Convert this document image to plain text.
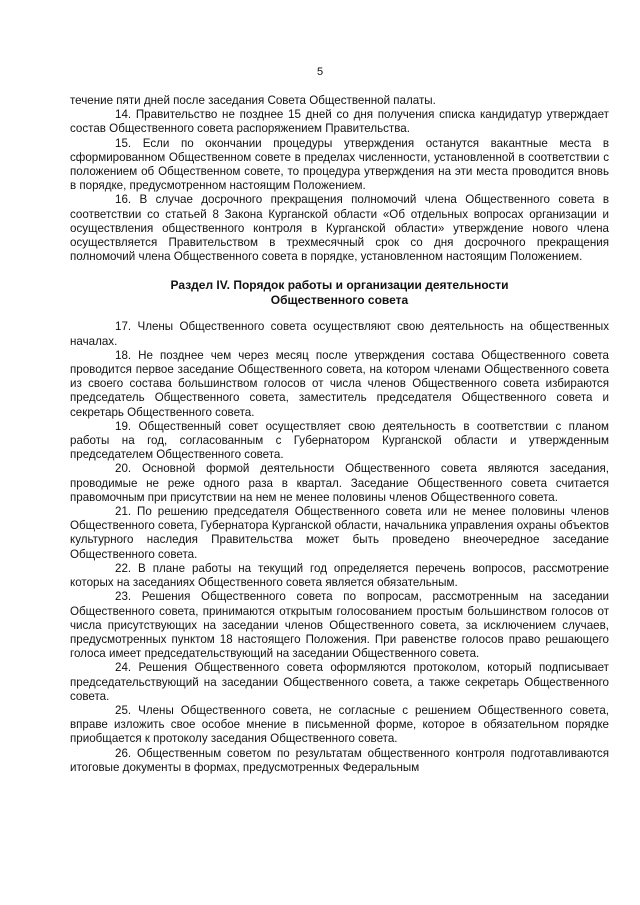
5

течение пяти дней после заседания Совета Общественной палаты.

14. Правительство не позднее 15 дней со дня получения списка кандидатур утверждает состав Общественного совета распоряжением Правительства.

15. Если по окончании процедуры утверждения останутся вакантные места в сформированном Общественном совете в пределах численности, установленной в соответствии с положением об Общественном совете, то процедура утверждения на эти места проводится вновь в порядке, предусмотренном настоящим Положением.

16. В случае досрочного прекращения полномочий члена Общественного совета в соответствии со статьей 8 Закона Курганской области «Об отдельных вопросах организации и осуществления общественного контроля в Курганской области» утверждение нового члена осуществляется Правительством в трехмесячный срок со дня досрочного прекращения полномочий члена Общественного совета в порядке, установленном настоящим Положением.

Раздел IV. Порядок работы и организации деятельности
Общественного совета

17. Члены Общественного совета осуществляют свою деятельность на общественных началах.

18. Не позднее чем через месяц после утверждения состава Общественного совета проводится первое заседание Общественного совета, на котором членами Общественного совета из своего состава большинством голосов от числа членов Общественного совета избираются председатель Общественного совета, заместитель председателя Общественного совета и секретарь Общественного совета.

19. Общественный совет осуществляет свою деятельность в соответствии с планом работы на год, согласованным с Губернатором Курганской области и утвержденным председателем Общественного совета.

20. Основной формой деятельности Общественного совета являются заседания, проводимые не реже одного раза в квартал. Заседание Общественного совета считается правомочным при присутствии на нем не менее половины членов Общественного совета.

21. По решению председателя Общественного совета или не менее половины членов Общественного совета, Губернатора Курганской области, начальника управления охраны объектов культурного наследия Правительства может быть проведено внеочередное заседание Общественного совета.

22. В плане работы на текущий год определяется перечень вопросов, рассмотрение которых на заседаниях Общественного совета является обязательным.

23. Решения Общественного совета по вопросам, рассмотренным на заседании Общественного совета, принимаются открытым голосованием простым большинством голосов от числа присутствующих на заседании членов Общественного совета, за исключением случаев, предусмотренных пунктом 18 настоящего Положения. При равенстве голосов право решающего голоса имеет председательствующий на заседании Общественного совета.

24. Решения Общественного совета оформляются протоколом, который подписывает председательствующий на заседании Общественного совета, а также секретарь Общественного совета.

25. Члены Общественного совета, не согласные с решением Общественного совета, вправе изложить свое особое мнение в письменной форме, которое в обязательном порядке приобщается к протоколу заседания Общественного совета.

26. Общественным советом по результатам общественного контроля подготавливаются итоговые документы в формах, предусмотренных Федеральным
